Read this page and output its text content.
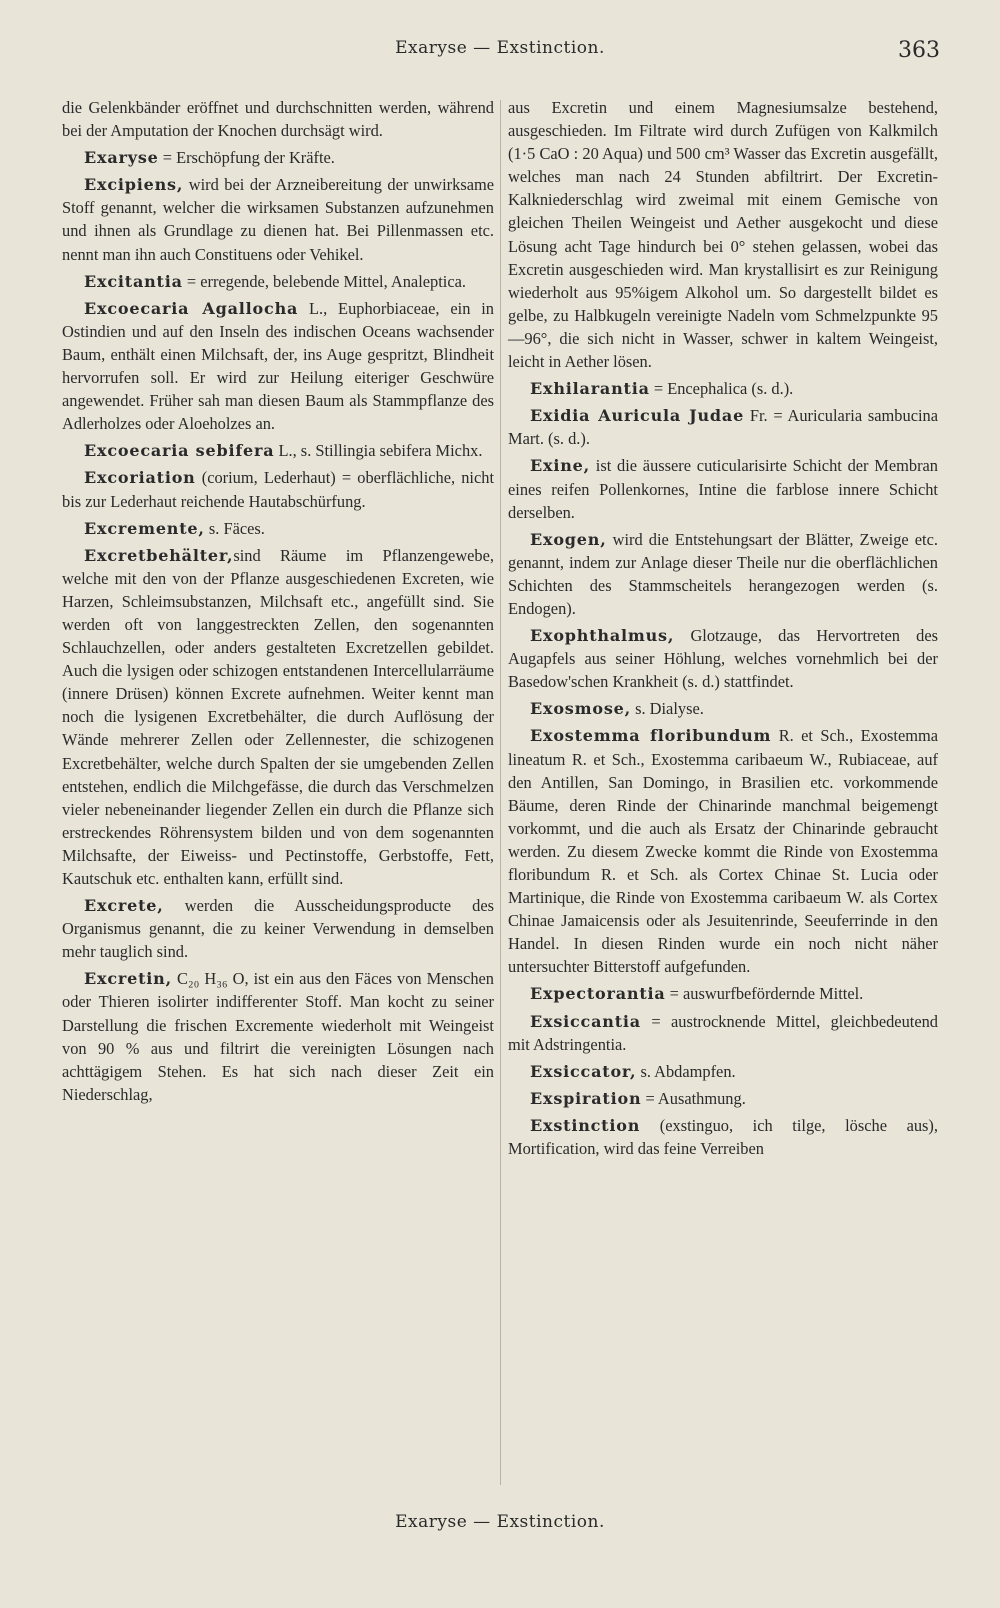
Exaryse — Exstinction.	363

die Gelenkbänder eröffnet und durchschnitten werden, während bei der Amputation der Knochen durchsägt wird.

Exaryse = Erschöpfung der Kräfte.

Excipiens, wird bei der Arzneibereitung der unwirksame Stoff genannt, welcher die wirksamen Substanzen aufzunehmen und ihnen als Grundlage zu dienen hat. Bei Pillenmassen etc. nennt man ihn auch Constituens oder Vehikel.

Excitantia = erregende, belebende Mittel, Analeptica.

Excoecaria Agallocha L., Euphorbiaceae, ein in Ostindien und auf den Inseln des indischen Oceans wachsender Baum, enthält einen Milchsaft, der, ins Auge gespritzt, Blindheit hervorrufen soll. Er wird zur Heilung eiteriger Geschwüre angewendet. Früher sah man diesen Baum als Stammpflanze des Adlerholzes oder Aloeholzes an.

Excoecaria sebifera L., s. Stillingia sebifera Michx.

Excoriation (corium, Lederhaut) = oberflächliche, nicht bis zur Lederhaut reichende Hautabschürfung.

Excremente, s. Fäces.

Excretbehälter,sind Räume im Pflanzengewebe, welche mit den von der Pflanze ausgeschiedenen Excreten, wie Harzen, Schleimsubstanzen, Milchsaft etc., angefüllt sind. Sie werden oft von langgestreckten Zellen, den sogenannten Schlauchzellen, oder anders gestalteten Excretzellen gebildet. Auch die lysigen oder schizogen entstandenen Intercellularräume (innere Drüsen) können Excrete aufnehmen. Weiter kennt man noch die lysigenen Excretbehälter, die durch Auflösung der Wände mehrerer Zellen oder Zellennester, die schizogenen Excretbehälter, welche durch Spalten der sie umgebenden Zellen entstehen, endlich die Milchgefässe, die durch das Verschmelzen vieler nebeneinander liegender Zellen ein durch die Pflanze sich erstreckendes Röhrensystem bilden und von dem sogenannten Milchsafte, der Eiweiss- und Pectinstoffe, Gerbstoffe, Fett, Kautschuk etc. enthalten kann, erfüllt sind.

Excrete, werden die Ausscheidungsproducte des Organismus genannt, die zu keiner Verwendung in demselben mehr tauglich sind.

Excretin, C₂₀ H₃₆ O, ist ein aus den Fäces von Menschen oder Thieren isolirter indifferenter Stoff. Man kocht zu seiner Darstellung die frischen Excremente wiederholt mit Weingeist von 90 % aus und filtrirt die vereinigten Lösungen nach achttägigem Stehen. Es hat sich nach dieser Zeit ein Niederschlag,

aus Excretin und einem Magnesiumsalze bestehend, ausgeschieden. Im Filtrate wird durch Zufügen von Kalkmilch (1·5 CaO : 20 Aqua) und 500 cm³ Wasser das Excretin ausgefällt, welches man nach 24 Stunden abfiltrirt. Der Excretin-Kalkniederschlag wird zweimal mit einem Gemische von gleichen Theilen Weingeist und Aether ausgekocht und diese Lösung acht Tage hindurch bei 0° stehen gelassen, wobei das Excretin ausgeschieden wird. Man krystallisirt es zur Reinigung wiederholt aus 95%igem Alkohol um. So dargestellt bildet es gelbe, zu Halbkugeln vereinigte Nadeln vom Schmelzpunkte 95—96°, die sich nicht in Wasser, schwer in kaltem Weingeist, leicht in Aether lösen.

Exhilarantia = Encephalica (s. d.).

Exidia Auricula Judae Fr. = Auricularia sambucina Mart. (s. d.).

Exine, ist die äussere cuticularisirte Schicht der Membran eines reifen Pollenkornes, Intine die farblose innere Schicht derselben.

Exogen, wird die Entstehungsart der Blätter, Zweige etc. genannt, indem zur Anlage dieser Theile nur die oberflächlichen Schichten des Stammscheitels herangezogen werden (s. Endogen).

Exophthalmus, Glotzauge, das Hervortreten des Augapfels aus seiner Höhlung, welches vornehmlich bei der Basedow'schen Krankheit (s. d.) stattfindet.

Exosmose, s. Dialyse.

Exostemma floribundum R. et Sch., Exostemma lineatum R. et Sch., Exostemma caribaeum W., Rubiaceae, auf den Antillen, San Domingo, in Brasilien etc. vorkommende Bäume, deren Rinde der Chinarinde manchmal beigemengt vorkommt, und die auch als Ersatz der Chinarinde gebraucht werden. Zu diesem Zwecke kommt die Rinde von Exostemma floribundum R. et Sch. als Cortex Chinae St. Lucia oder Martinique, die Rinde von Exostemma caribaeum W. als Cortex Chinae Jamaicensis oder als Jesuitenrinde, Seeuferrinde in den Handel. In diesen Rinden wurde ein noch nicht näher untersuchter Bitterstoff aufgefunden.

Expectorantia = auswurfbefördernde Mittel.

Exsiccantia = austrocknende Mittel, gleichbedeutend mit Adstringentia.

Exsiccator, s. Abdampfen.

Exspiration = Ausathmung.

Exstinction (exstinguo, ich tilge, lösche aus), Mortification, wird das feine Verreiben

Exaryse — Exstinction.
